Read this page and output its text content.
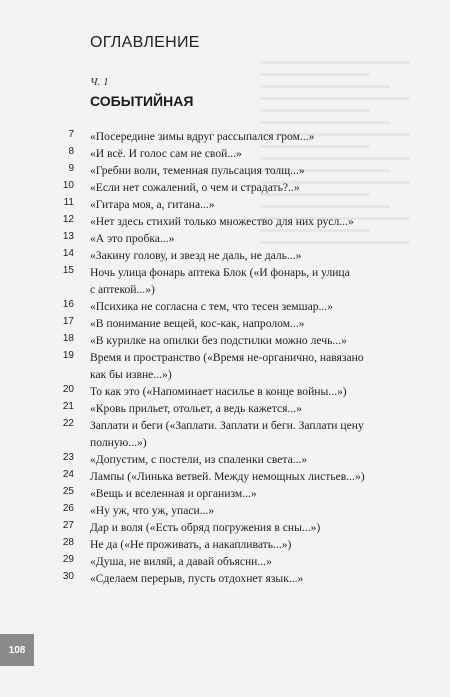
ОГЛАВЛЕНИЕ
Ч. 1
СОБЫТИЙНАЯ
7 «Посередине зимы вдруг рассыпался гром...»
8 «И всё. И голос сам не свой...»
9 «Гребни волн, теменная пульсация толщ...»
10 «Если нет сожалений, о чем и страдать?..»
11 «Гитара моя, а, гитана...»
12 «Нет здесь стихий только множество для них русл...»
13 «А это пробка...»
14 «Закину голову, и звезд не даль, не даль...»
15 Ночь улица фонарь аптека Блок («И фонарь, и улица
с аптекой...»)
16 «Психика не согласна с тем, что тесен земшар...»
17 «В понимание вещей, кос-как, напролом...»
18 «В курилке на опилки без подстилки можно лечь...»
19 Время и пространство («Время не-органично, навязано
как бы извне...»)
20 То как это («Напоминает насилье в конце войны...»)
21 «Кровь прильет, отольет, а ведь кажется...»
22 Заплати и беги («Заплати. Заплати и беги. Заплати цену
полную...»)
23 «Допустим, с постели, из спаленки света...»
24 Лампы («Линька ветвей. Между немощных листьев...»)
25 «Вещь и вселенная и организм...»
26 «Ну уж, что уж, упаси...»
27 Дар и воля («Есть обряд погружения в сны...»)
28 Не да («Не проживать, а накапливать...»)
29 «Душа, не виляй, а давай объясни...»
30 «Сделаем перерыв, пусть отдохнет язык...»
108
